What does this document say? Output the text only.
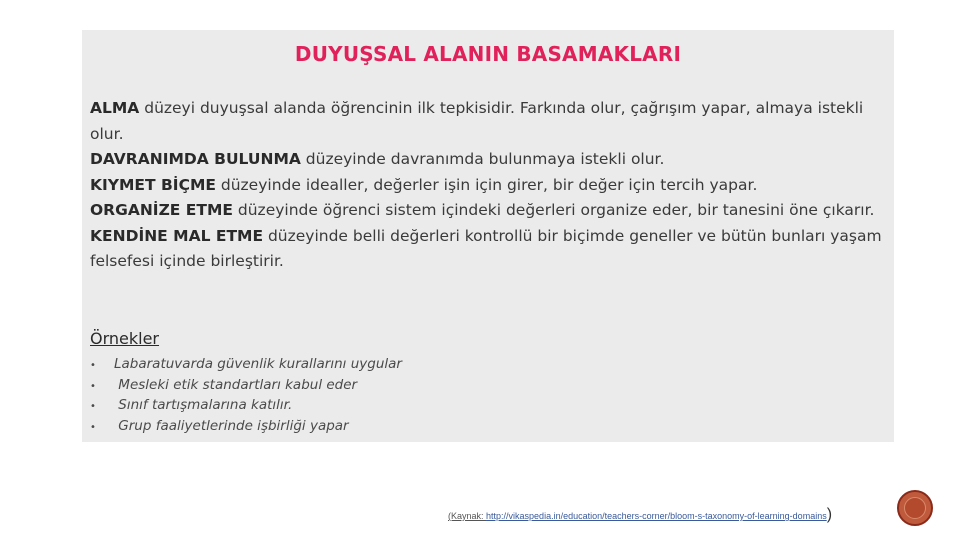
DUYUŞSAL ALANIN BASAMAKLARI

ALMA düzeyi duyuşsal alanda öğrencinin ilk tepkisidir. Farkında olur, çağrışım yapar, almaya istekli olur.

DAVRANIMDA BULUNMA düzeyinde davranımda bulunmaya istekli olur.

KIYMET BİÇME düzeyinde idealler, değerler işin için girer, bir değer için tercih yapar.

ORGANİZE ETME düzeyinde öğrenci sistem içindeki değerleri organize eder, bir tanesini öne çıkarır.

KENDİNE MAL ETME düzeyinde belli değerleri kontrollü bir biçimde geneller ve bütün bunları yaşam felsefesi içinde birleştirir.

Örnekler
• Labaratuvarda güvenlik kurallarını uygular
• Mesleki etik standartları kabul eder
• Sınıf tartışmalarına katılır.
• Grup faaliyetlerinde işbirliği yapar
(Kaynak: http://vikaspedia.in/education/teachers-corner/bloom-s-taxonomy-of-learning-domains)
